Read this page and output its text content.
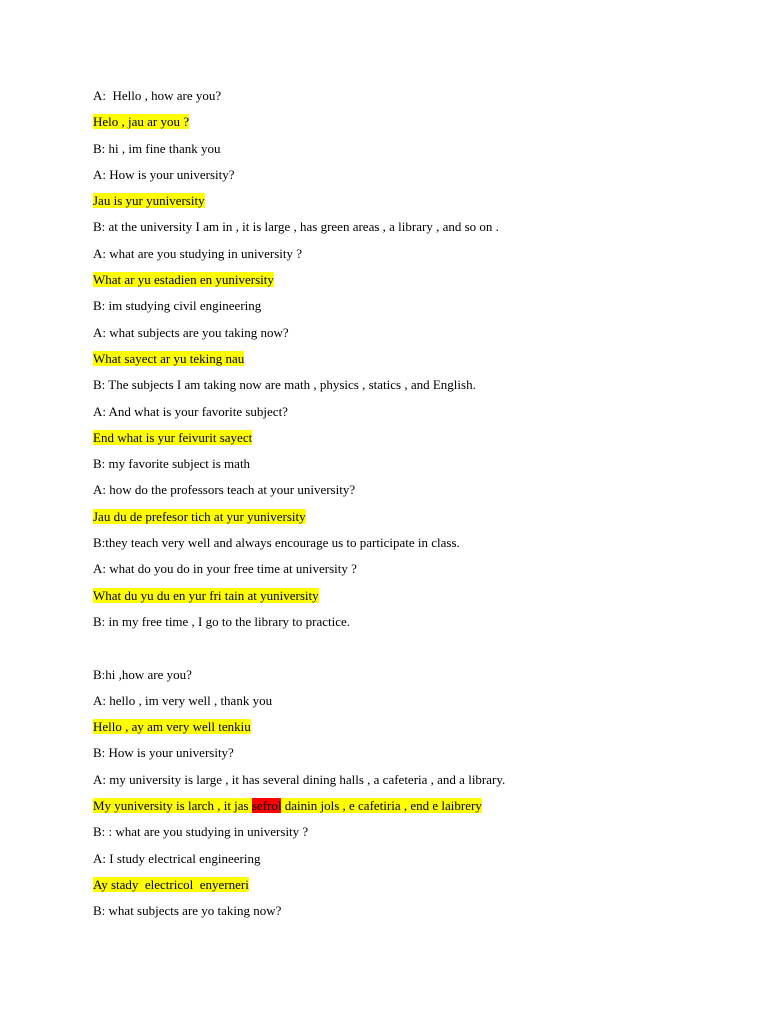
A:  Hello , how are you?
Helo , jau ar you ?
B: hi , im fine thank you
A: How is your university?
Jau is yur yuniversity
B: at the university I am in , it is large , has green areas , a library , and so on .
A: what are you studying in university ?
What ar yu estadien en yuniversity
B: im studying civil engineering
A: what subjects are you taking now?
What sayect ar yu teking nau
B: The subjects I am taking now are math , physics , statics , and English.
A: And what is your favorite subject?
End what is yur feivurit sayect
B: my favorite subject is math
A: how do the professors teach at your university?
Jau du de prefesor tich at yur yuniversity
B:they teach very well and always encourage us to participate in class.
A: what do you do in your free time at university ?
What du yu du en yur fri tain at yuniversity
B: in my free time , I go to the library to practice.
B:hi ,how are you?
A: hello , im very well , thank you
Hello , ay am very well tenkiu
B: How is your university?
A: my university is large , it has several dining halls , a cafeteria , and a library.
My yuniversity is larch , it jas sefrol dainin jols , e cafetiria , end e laibrery
B: : what are you studying in university ?
A: I study electrical engineering
Ay stady  electricol  enyerneri
B: what subjects are yo taking now?
